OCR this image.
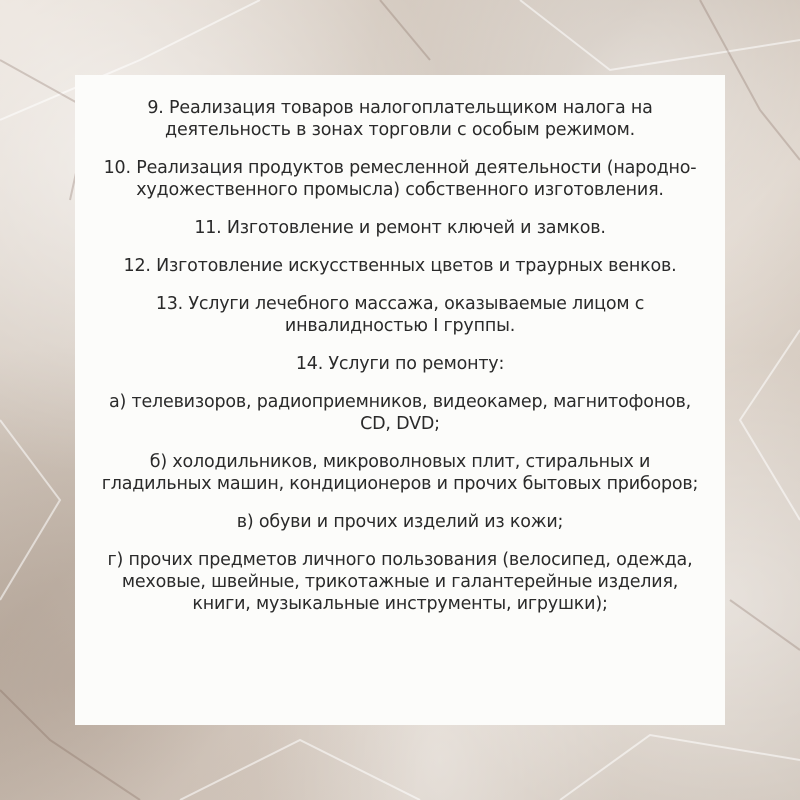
9. Реализация товаров налогоплательщиком налога на деятельность в зонах торговли с особым режимом.

10. Реализация продуктов ремесленной деятельности (народно-художественного промысла) собственного изготовления.

11. Изготовление и ремонт ключей и замков.

12. Изготовление искусственных цветов и траурных венков.

13. Услуги лечебного массажа, оказываемые лицом с инвалидностью I группы.

14. Услуги по ремонту:

а) телевизоров, радиоприемников, видеокамер, магнитофонов, CD, DVD;

б) холодильников, микроволновых плит, стиральных и гладильных машин, кондиционеров и прочих бытовых приборов;

в) обуви и прочих изделий из кожи;

г) прочих предметов личного пользования (велосипед, одежда, меховые, швейные, трикотажные и галантерейные изделия, книги, музыкальные инструменты, игрушки);
